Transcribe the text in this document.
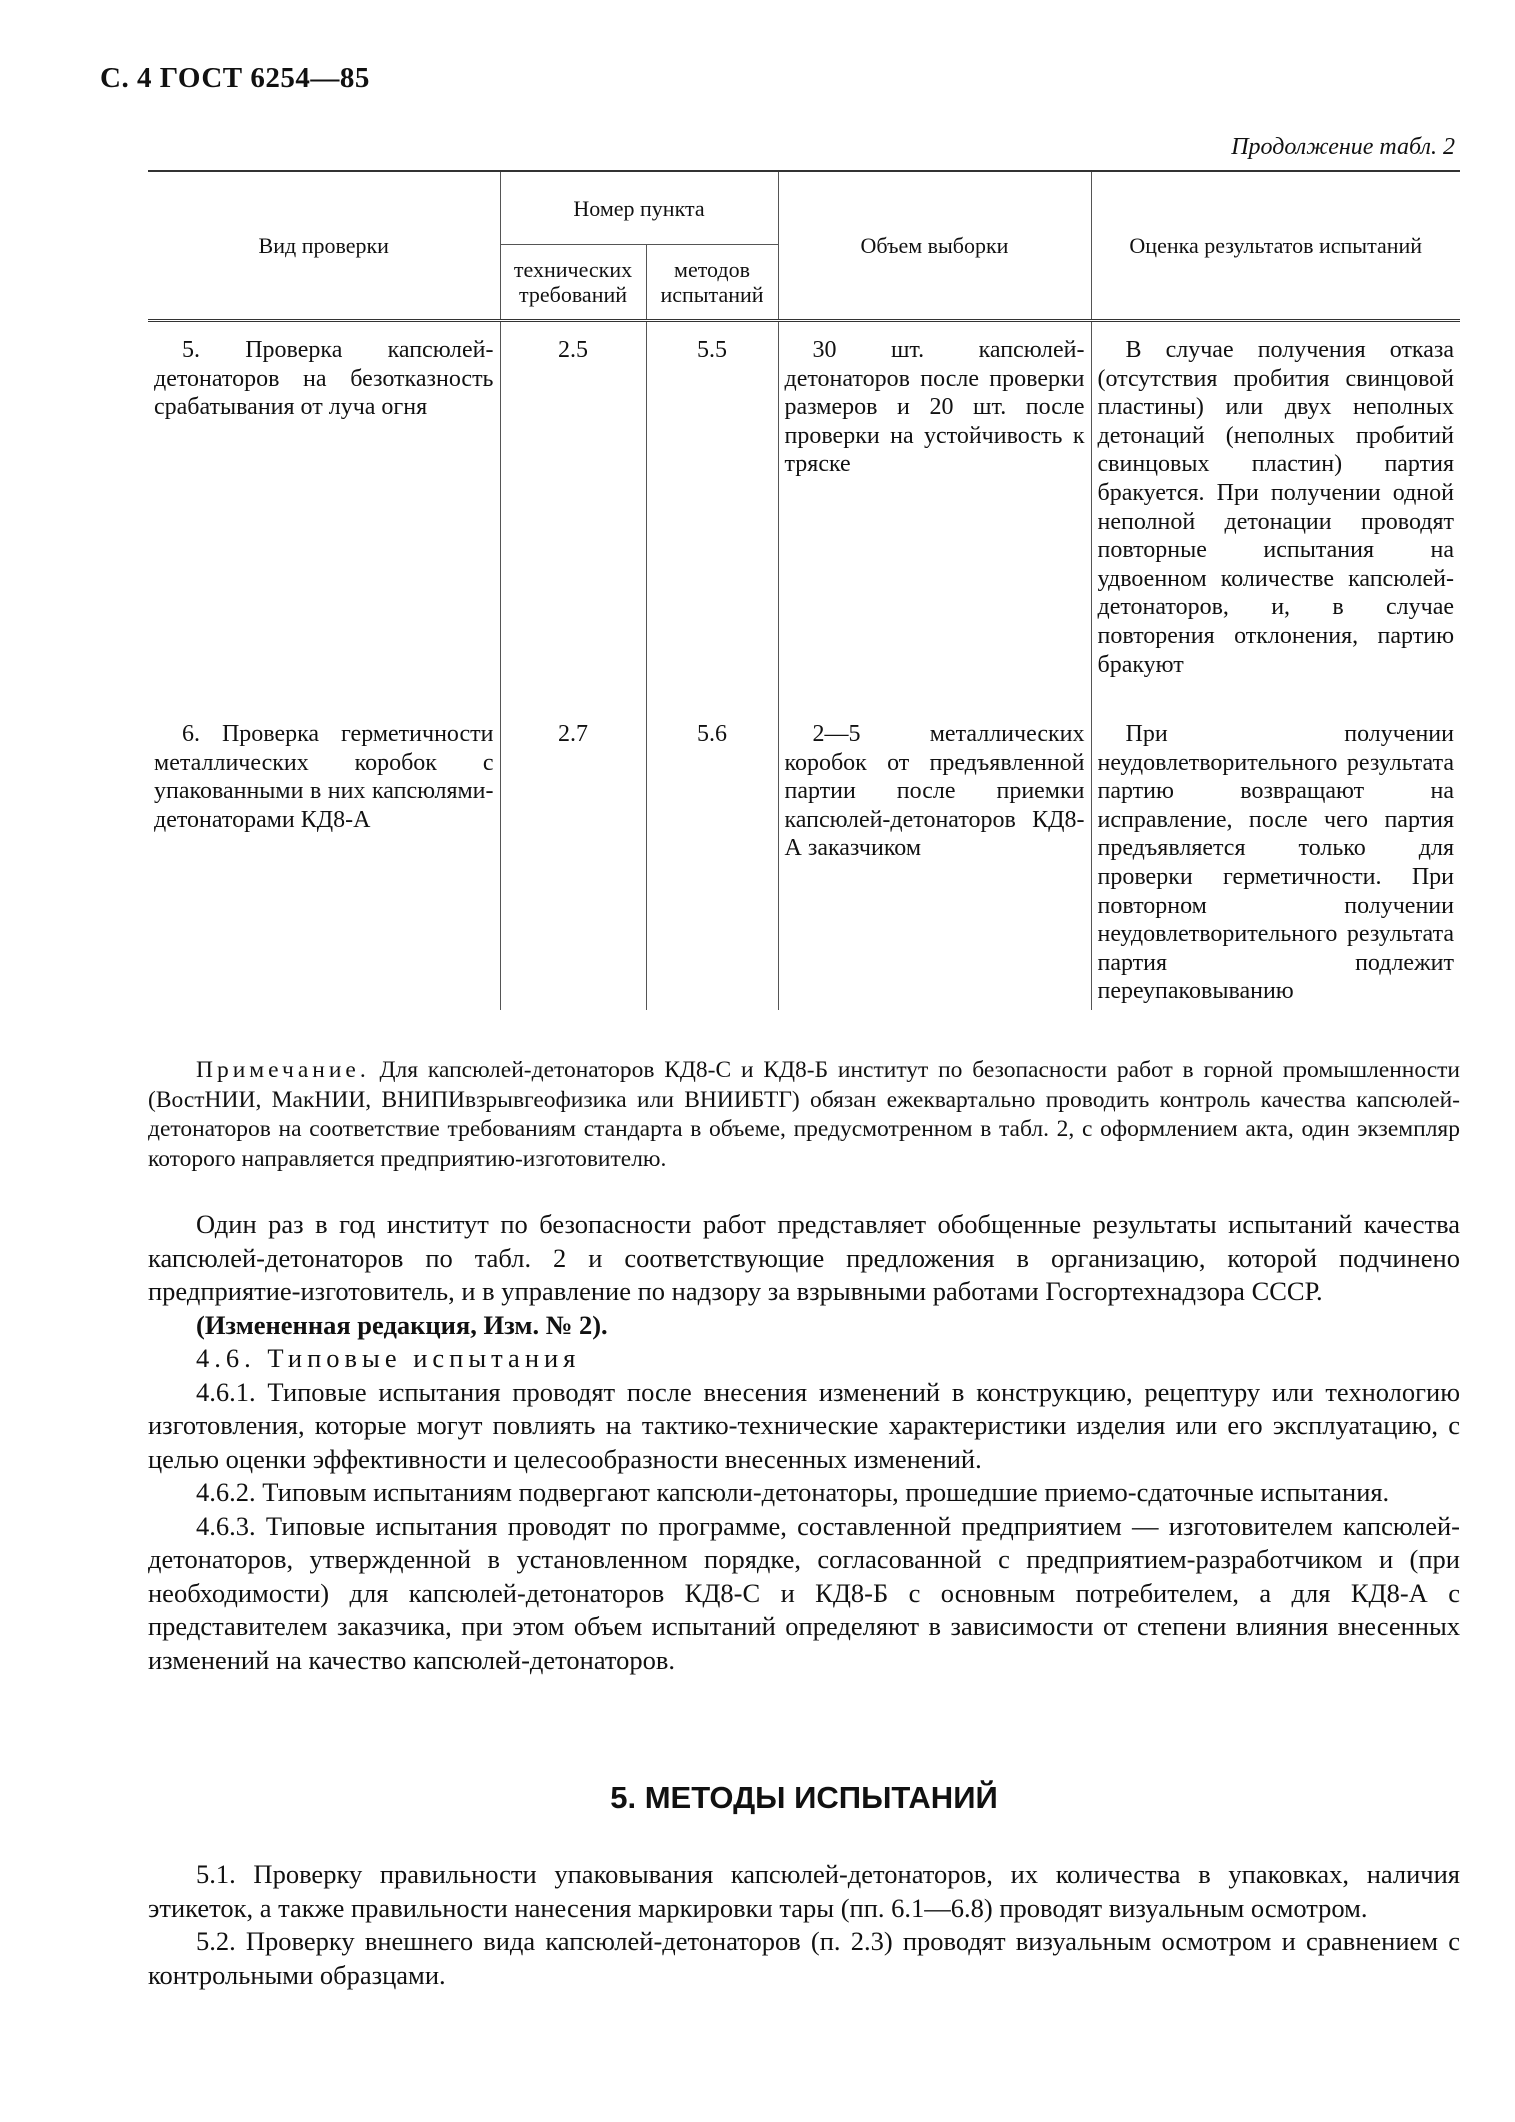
С. 4 ГОСТ 6254—85
Продолжение табл. 2
Вид проверки	Номер пункта		Объем выборки	Оценка результатов испытаний
	технических требований	методов испытаний		
5. Проверка капсюлей-детонаторов на безотказность срабатывания от луча огня	2.5	5.5	30 шт. капсюлей-детонаторов после проверки размеров и 20 шт. после проверки на устойчивость к тряске	В случае получения отказа (отсутствия пробития свинцовой пластины) или двух неполных детонаций (неполных пробитий свинцовых пластин) партия бракуется. При получении одной неполной детонации проводят повторные испытания на удвоенном количестве капсюлей-детонаторов, и, в случае повторения отклонения, партию бракуют
6. Проверка герметичности металлических коробок с упакованными в них капсюлями-детонаторами КД8-А	2.7	5.6	2—5 металлических коробок от предъявленной партии после приемки капсюлей-детонаторов КД8-А заказчиком	При получении неудовлетворительного результата партию возвращают на исправление, после чего партия предъявляется только для проверки герметичности. При повторном получении неудовлетворительного результата партия подлежит переупаковыванию

Примечание. Для капсюлей-детонаторов КД8-С и КД8-Б институт по безопасности работ в горной промышленности (ВостНИИ, МакНИИ, ВНИПИвзрывгеофизика или ВНИИБТГ) обязан ежеквартально проводить контроль качества капсюлей-детонаторов на соответствие требованиям стандарта в объеме, предусмотренном в табл. 2, с оформлением акта, один экземпляр которого направляется предприятию-изготовителю.

Один раз в год институт по безопасности работ представляет обобщенные результаты испытаний качества капсюлей-детонаторов по табл. 2 и соответствующие предложения в организацию, которой подчинено предприятие-изготовитель, и в управление по надзору за взрывными работами Госгортехнадзора СССР.

(Измененная редакция, Изм. № 2).

4.6. Типовые испытания

4.6.1. Типовые испытания проводят после внесения изменений в конструкцию, рецептуру или технологию изготовления, которые могут повлиять на тактико-технические характеристики изделия или его эксплуатацию, с целью оценки эффективности и целесообразности внесенных изменений.

4.6.2. Типовым испытаниям подвергают капсюли-детонаторы, прошедшие приемо-сдаточные испытания.

4.6.3. Типовые испытания проводят по программе, составленной предприятием — изготовителем капсюлей-детонаторов, утвержденной в установленном порядке, согласованной с предприятием-разработчиком и (при необходимости) для капсюлей-детонаторов КД8-С и КД8-Б с основным потребителем, а для КД8-А с представителем заказчика, при этом объем испытаний определяют в зависимости от степени влияния внесенных изменений на качество капсюлей-детонаторов.

5. МЕТОДЫ ИСПЫТАНИЙ

5.1. Проверку правильности упаковывания капсюлей-детонаторов, их количества в упаковках, наличия этикеток, а также правильности нанесения маркировки тары (пп. 6.1—6.8) проводят визуальным осмотром.

5.2. Проверку внешнего вида капсюлей-детонаторов (п. 2.3) проводят визуальным осмотром и сравнением с контрольными образцами.
